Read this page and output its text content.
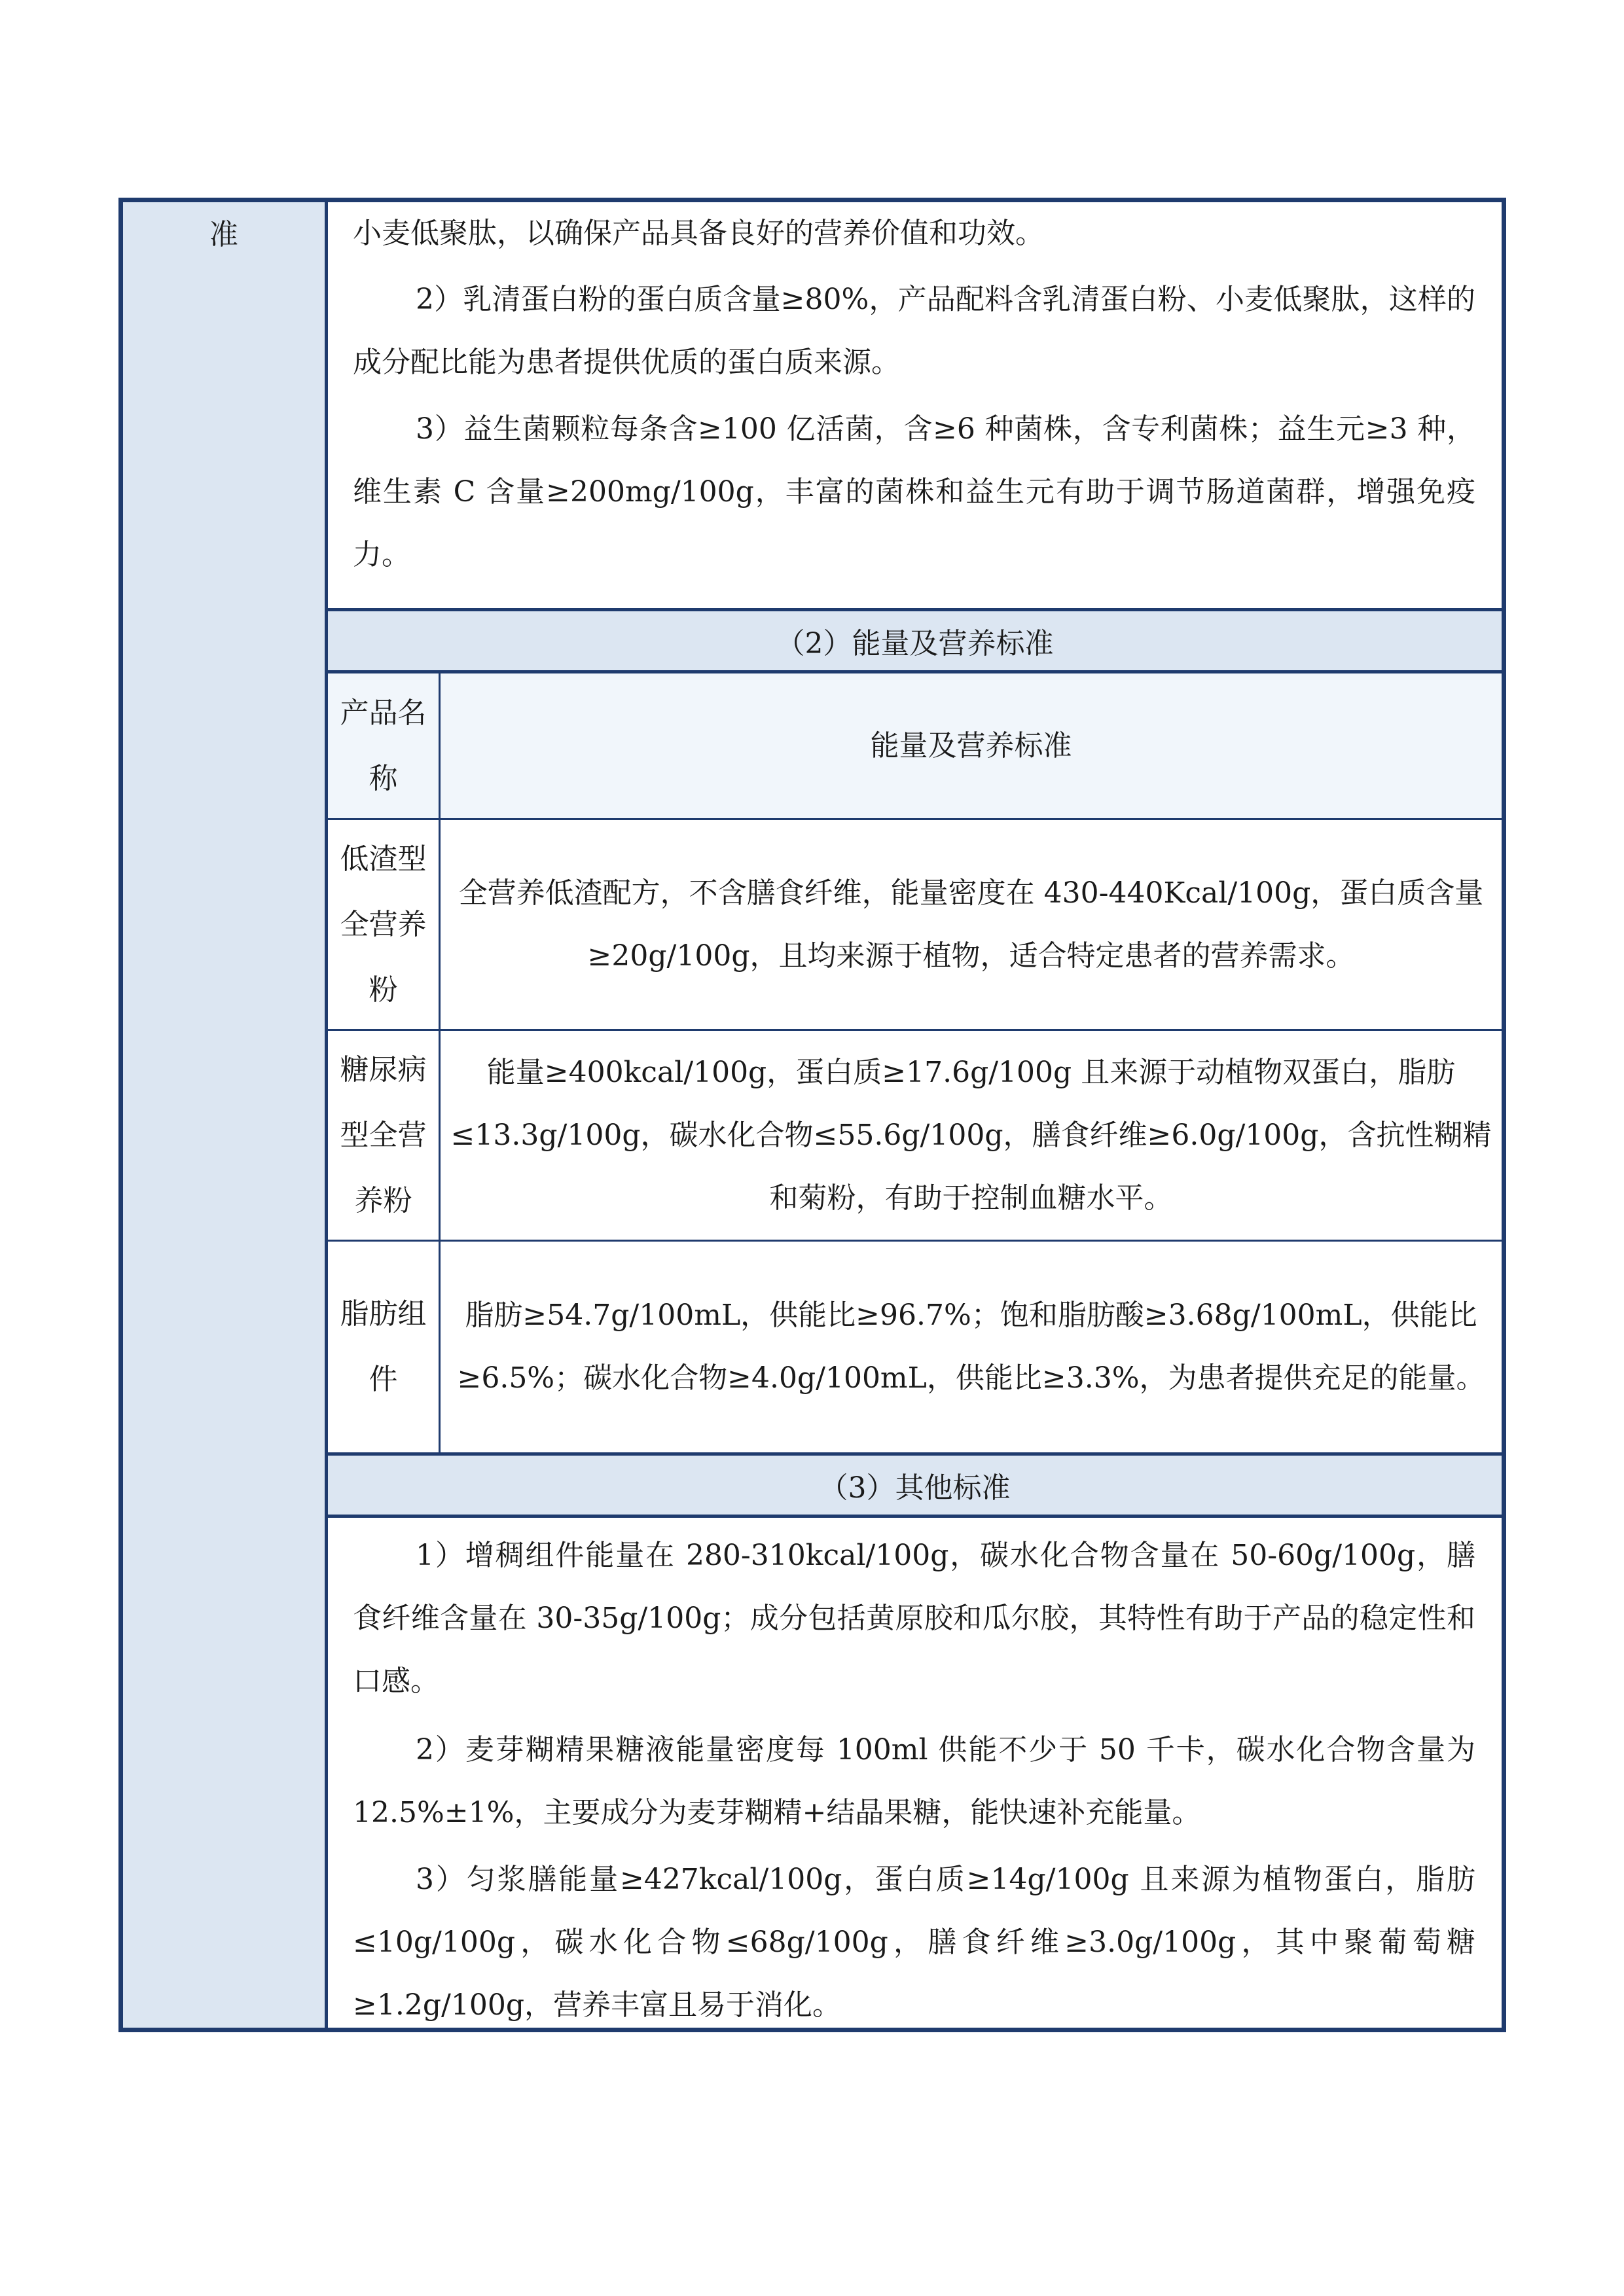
准	小麦低聚肽，以确保产品具备良好的营养价值和功效。

2）乳清蛋白粉的蛋白质含量≥80%，产品配料含乳清蛋白粉、小麦低聚肽，这样的成分配比能为患者提供优质的蛋白质来源。

3）益生菌颗粒每条含≥100 亿活菌，含≥6 种菌株，含专利菌株；益生元≥3 种，维生素 C 含量≥200mg/100g，丰富的菌株和益生元有助于调节肠道菌群，增强免疫力。

（2）能量及营养标准
产品名称
能量及营养标准
低渣型全营养粉
全营养低渣配方，不含膳食纤维，能量密度在 430-440Kcal/100g，蛋白质含量≥20g/100g，且均来源于植物，适合特定患者的营养需求。
糖尿病型全营养粉
能量≥400kcal/100g，蛋白质≥17.6g/100g 且来源于动植物双蛋白，脂肪≤13.3g/100g，碳水化合物≤55.6g/100g，膳食纤维≥6.0g/100g，含抗性糊精和菊粉，有助于控制血糖水平。
脂肪组件
脂肪≥54.7g/100mL，供能比≥96.7%；饱和脂肪酸≥3.68g/100mL，供能比≥6.5%；碳水化合物≥4.0g/100mL，供能比≥3.3%，为患者提供充足的能量。
（3）其他标准

1）增稠组件能量在 280-310kcal/100g，碳水化合物含量在 50-60g/100g，膳食纤维含量在 30-35g/100g；成分包括黄原胶和瓜尔胶，其特性有助于产品的稳定性和口感。

2）麦芽糊精果糖液能量密度每 100ml 供能不少于 50 千卡，碳水化合物含量为 12.5%±1%，主要成分为麦芽糊精+结晶果糖，能快速补充能量。

3）匀浆膳能量≥427kcal/100g，蛋白质≥14g/100g 且来源为植物蛋白，脂肪≤10g/100g，碳水化合物≤68g/100g，膳食纤维≥3.0g/100g，其中聚葡萄糖≥1.2g/100g，营养丰富且易于消化。
